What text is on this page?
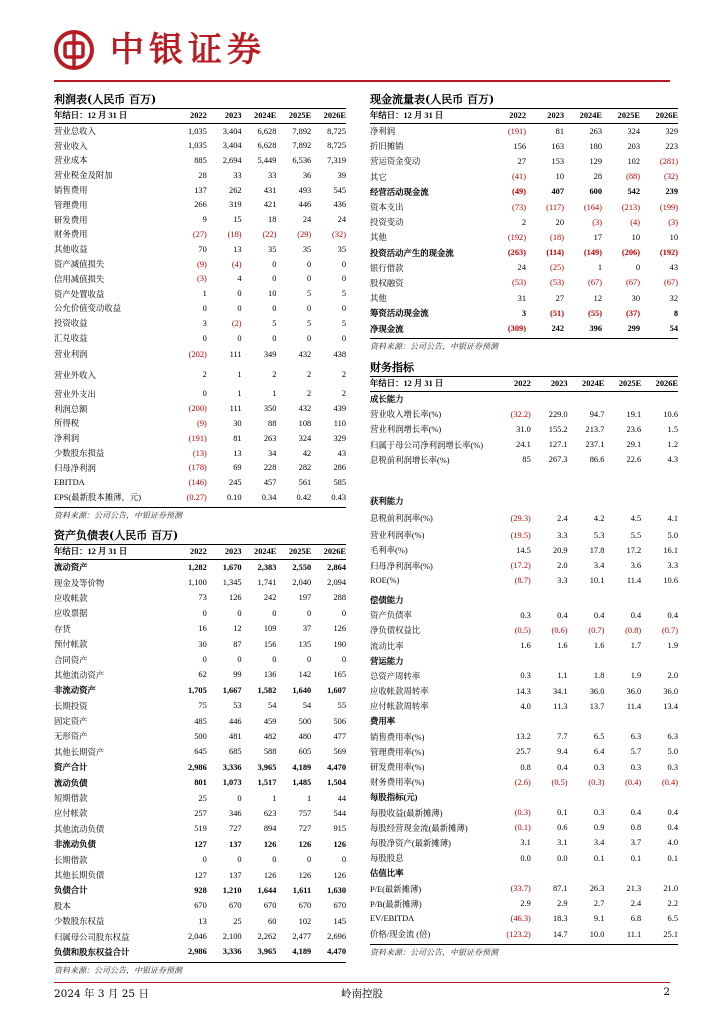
中银证券
利润表(人民币 百万)
年结日：12 月 31 日	2022	2023	2024E	2025E	2026E
营业总收入	1,035	3,404	6,628	7,892	8,725
营业收入	1,035	3,404	6,628	7,892	8,725
营业成本	885	2,694	5,449	6,536	7,319
营业税金及附加	28	33	33	36	39
销售费用	137	262	431	493	545
管理费用	266	319	421	446	436
研发费用	9	15	18	24	24
财务费用	(27)	(18)	(22)	(29)	(32)
其他收益	70	13	35	35	35
资产减值损失	(9)	(4)	0	0	0
信用减值损失	(3)	4	0	0	0
资产处置收益	1	0	10	5	5
公允价值变动收益	0	0	0	0	0
投资收益	3	(2)	5	5	5
汇兑收益	0	0	0	0	0
营业利润	(202)	111	349	432	438
营业外收入	2	1	2	2	2
营业外支出	0	1	1	2	2
利润总额	(200)	111	350	432	439
所得税	(9)	30	88	108	110
净利润	(191)	81	263	324	329
少数股东损益	(13)	13	34	42	43
归母净利润	(178)	69	228	282	286
EBITDA	(146)	245	457	561	585
EPS(最新股本摊薄，元)	(0.27)	0.10	0.34	0.42	0.43
资料来源：公司公告，中银证券预测
资产负债表(人民币 百万)
年结日：12 月 31 日	2022	2023	2024E	2025E	2026E
流动资产	1,282	1,670	2,383	2,550	2,864
现金及等价物	1,100	1,345	1,741	2,040	2,094
应收帐款	73	126	242	197	288
应收票据	0	0	0	0	0
存货	16	12	109	37	126
预付帐款	30	87	156	135	190
合同资产	0	0	0	0	0
其他流动资产	62	99	136	142	165
非流动资产	1,705	1,667	1,582	1,640	1,607
长期投资	75	53	54	54	55
固定资产	485	446	459	500	506
无形资产	500	481	482	480	477
其他长期资产	645	685	588	605	569
资产合计	2,986	3,336	3,965	4,189	4,470
流动负债	801	1,073	1,517	1,485	1,504
短期借款	25	0	1	1	44
应付帐款	257	346	623	757	544
其他流动负债	519	727	894	727	915
非流动负债	127	137	126	126	126
长期借款	0	0	0	0	0
其他长期负债	127	137	126	126	126
负债合计	928	1,210	1,644	1,611	1,630
股本	670	670	670	670	670
少数股东权益	13	25	60	102	145
归属母公司股东权益	2,046	2,100	2,262	2,477	2,696
负债和股东权益合计	2,986	3,336	3,965	4,189	4,470
资料来源：公司公告，中银证券预测
现金流量表(人民币 百万)
年结日：12 月 31 日	2022	2023	2024E	2025E	2026E
净利润	(191)	81	263	324	329
折旧摊销	156	163	180	203	223
营运资金变动	27	153	129	102	(281)
其它	(41)	10	28	(88)	(32)
经营活动现金流	(49)	407	600	542	239
资本支出	(73)	(117)	(164)	(213)	(199)
投资变动	2	20	(3)	(4)	(3)
其他	(192)	(18)	17	10	10
投资活动产生的现金流	(263)	(114)	(149)	(206)	(192)
银行借款	24	(25)	1	0	43
股权融资	(53)	(53)	(67)	(67)	(67)
其他	31	27	12	30	32
筹资活动现金流	3	(51)	(55)	(37)	8
净现金流	(309)	242	396	299	54
资料来源：公司公告，中银证券预测
财务指标
年结日：12 月 31 日	2022	2023	2024E	2025E	2026E
成长能力					
营业收入增长率(%)	(32.2)	229.0	94.7	19.1	10.6
营业利润增长率(%)	31.0	155.2	213.7	23.6	1.5
归属于母公司净利润增长率(%)	24.1	127.1	237.1	29.1	1.2
息税前利润增长率(%)	85	267.3	86.6	22.6	4.3

获利能力					
息税前利润率(%)	(29.3)	2.4	4.2	4.5	4.1
营业利润率(%)	(19.5)	3.3	5.3	5.5	5.0
毛利率(%)	14.5	20.9	17.8	17.2	16.1
归母净利润率(%)	(17.2)	2.0	3.4	3.6	3.3
ROE(%)	(8.7)	3.3	10.1	11.4	10.6

偿债能力					
资产负债率	0.3	0.4	0.4	0.4	0.4
净负债权益比	(0.5)	(0.6)	(0.7)	(0.8)	(0.7)
流动比率	1.6	1.6	1.6	1.7	1.9
营运能力					
总资产周转率	0.3	1.1	1.8	1.9	2.0
应收帐款周转率	14.3	34.1	36.0	36.0	36.0
应付帐款周转率	4.0	11.3	13.7	11.4	13.4
费用率					
销售费用率(%)	13.2	7.7	6.5	6.3	6.3
管理费用率(%)	25.7	9.4	6.4	5.7	5.0
研发费用率(%)	0.8	0.4	0.3	0.3	0.3
财务费用率(%)	(2.6)	(0.5)	(0.3)	(0.4)	(0.4)
每股指标(元)					
每股收益(最新摊薄)	(0.3)	0.1	0.3	0.4	0.4
每股经营现金流(最新摊薄)	(0.1)	0.6	0.9	0.8	0.4
每股净资产(最新摊薄)	3.1	3.1	3.4	3.7	4.0
每股股息	0.0	0.0	0.1	0.1	0.1
估值比率					
P/E(最新摊薄)	(33.7)	87.1	26.3	21.3	21.0
P/B(最新摊薄)	2.9	2.9	2.7	2.4	2.2
EV/EBITDA	(46.3)	18.3	9.1	6.8	6.5
价格/现金流 (倍)	(123.2)	14.7	10.0	11.1	25.1
资料来源：公司公告，中银证券预测
2024 年 3 月 25 日	岭南控股	2
